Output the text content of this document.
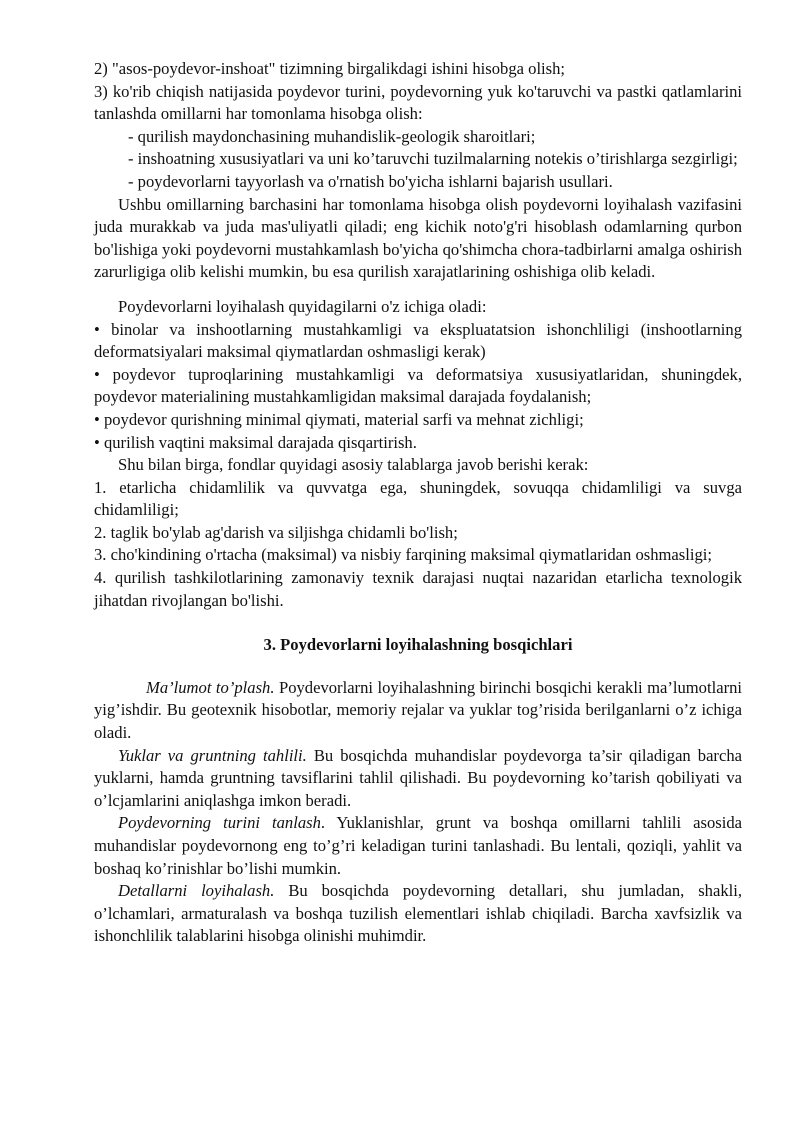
2) "asos-poydevor-inshoat" tizimning birgalikdagi ishini hisobga olish;

3) ko'rib chiqish natijasida poydevor turini, poydevorning yuk ko'taruvchi va pastki qatlamlarini tanlashda omillarni har tomonlama hisobga olish:

- qurilish maydonchasining muhandislik-geologik sharoitlari;

- inshoatning xususiyatlari va uni ko’taruvchi tuzilmalarning notekis o’tirishlarga sezgirligi;

- poydevorlarni tayyorlash va o'rnatish bo'yicha ishlarni bajarish usullari.

Ushbu omillarning barchasini har tomonlama hisobga olish poydevorni loyihalash vazifasini juda murakkab va juda mas'uliyatli qiladi; eng kichik noto'g'ri hisoblash odamlarning qurbon bo'lishiga yoki poydevorni mustahkamlash bo'yicha qo'shimcha chora-tadbirlarni amalga oshirish zarurligiga olib kelishi mumkin, bu esa qurilish xarajatlarining oshishiga olib keladi.

Poydevorlarni loyihalash quyidagilarni o'z ichiga oladi:

• binolar va inshootlarning mustahkamligi va ekspluatatsion ishonchliligi (inshootlarning deformatsiyalari maksimal qiymatlardan oshmasligi kerak)

• poydevor tuproqlarining mustahkamligi va deformatsiya xususiyatlaridan, shuningdek, poydevor materialining mustahkamligidan maksimal darajada foydalanish;

• poydevor qurishning minimal qiymati, material sarfi va mehnat zichligi;

• qurilish vaqtini maksimal darajada qisqartirish.

Shu bilan birga, fondlar quyidagi asosiy talablarga javob berishi kerak:

1. etarlicha chidamlilik va quvvatga ega, shuningdek, sovuqqa chidamliligi va suvga chidamliligi;

2. taglik bo'ylab ag'darish va siljishga chidamli bo'lish;

3. cho'kindining o'rtacha (maksimal) va nisbiy farqining maksimal qiymatlaridan oshmasligi;

4. qurilish tashkilotlarining zamonaviy texnik darajasi nuqtai nazaridan etarlicha texnologik jihatdan rivojlangan bo'lishi.

3. Poydevorlarni loyihalashning bosqichlari

Ma’lumot to’plash. Poydevorlarni loyihalashning birinchi bosqichi kerakli ma’lumotlarni yig’ishdir. Bu geotexnik hisobotlar, memoriy rejalar va yuklar tog’risida berilganlarni o’z ichiga oladi.

Yuklar va gruntning tahlili. Bu bosqichda muhandislar poydevorga ta’sir qiladigan barcha yuklarni, hamda gruntning tavsiflarini tahlil qilishadi. Bu poydevorning ko’tarish qobiliyati va o’lcjamlarini aniqlashga imkon beradi.

Poydevorning turini tanlash. Yuklanishlar, grunt va boshqa omillarni tahlili asosida muhandislar poydevornong eng to’g’ri keladigan turini tanlashadi. Bu lentali, qoziqli, yahlit va boshaq ko’rinishlar bo’lishi mumkin.

Detallarni loyihalash. Bu bosqichda poydevorning detallari, shu jumladan, shakli, o’lchamlari, armaturalash va boshqa tuzilish elementlari ishlab chiqiladi. Barcha xavfsizlik va ishonchlilik talablarini hisobga olinishi muhimdir.
